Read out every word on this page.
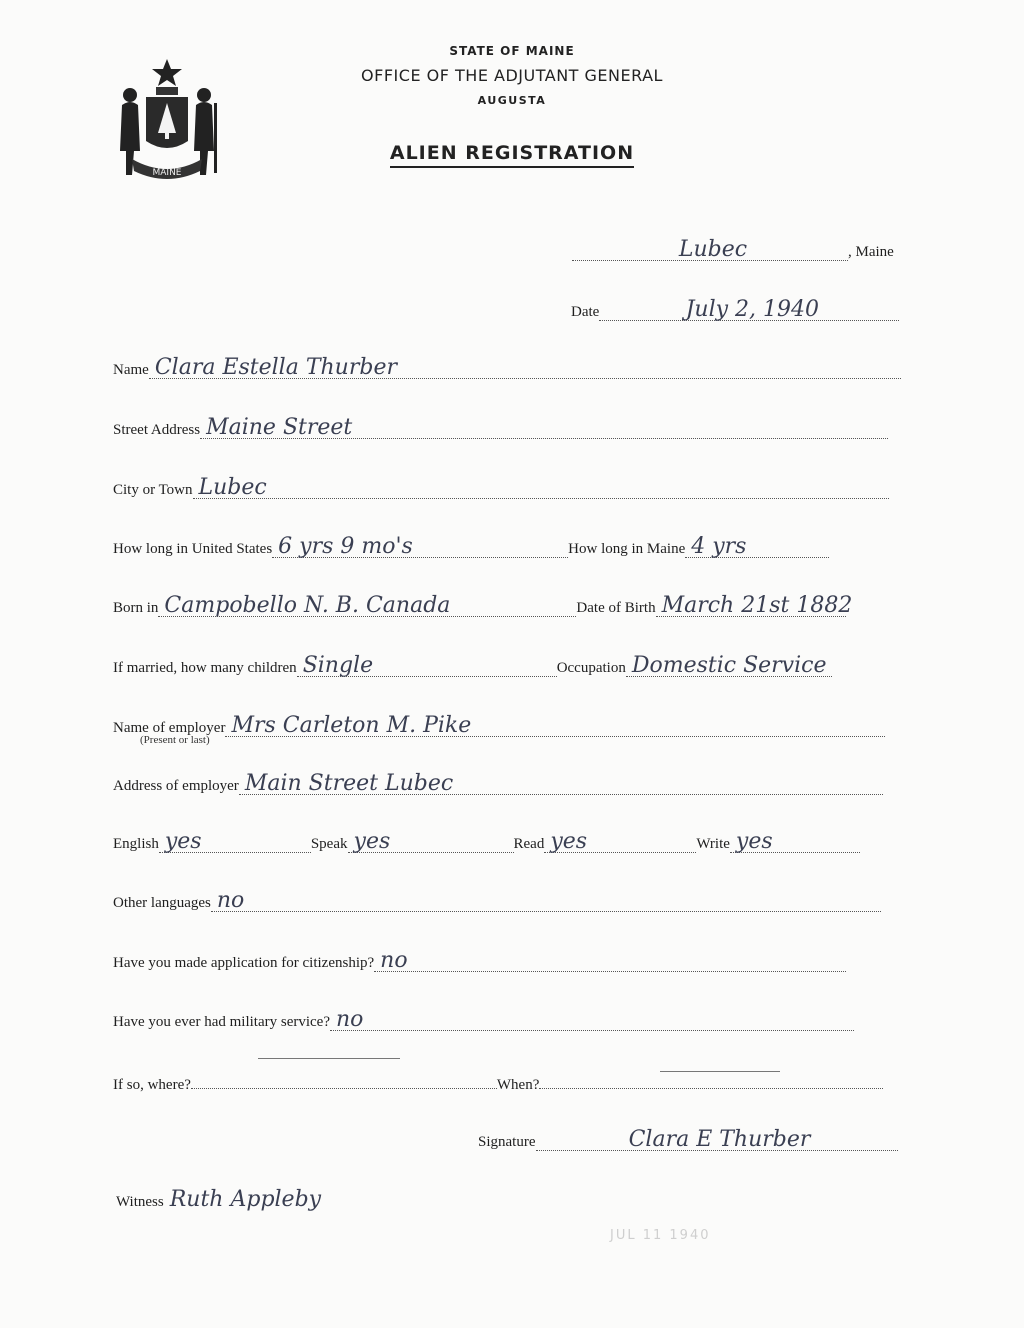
STATE OF MAINE
OFFICE OF THE ADJUTANT GENERAL
AUGUSTA
ALIEN REGISTRATION
MAINE
Lubec	, Maine
Date	July 2, 1940
Name Clara Estella Thurber
Street Address Maine Street
City or Town Lubec
How long in United States 6 yrs 9 mo's	How long in Maine 4 yrs
Born in Campobello N. B. Canada	Date of Birth March 21st 1882
If married, how many children Single	Occupation Domestic Service
Name of employer Mrs Carleton M. Pike
(Present or last)
Address of employer Main Street Lubec
English yes	Speak yes	Read yes	Write yes
Other languages no
Have you made application for citizenship? no
Have you ever had military service? no
If so, where?	When?
Signature	Clara E Thurber
Witness Ruth Appleby
JUL 11 1940
